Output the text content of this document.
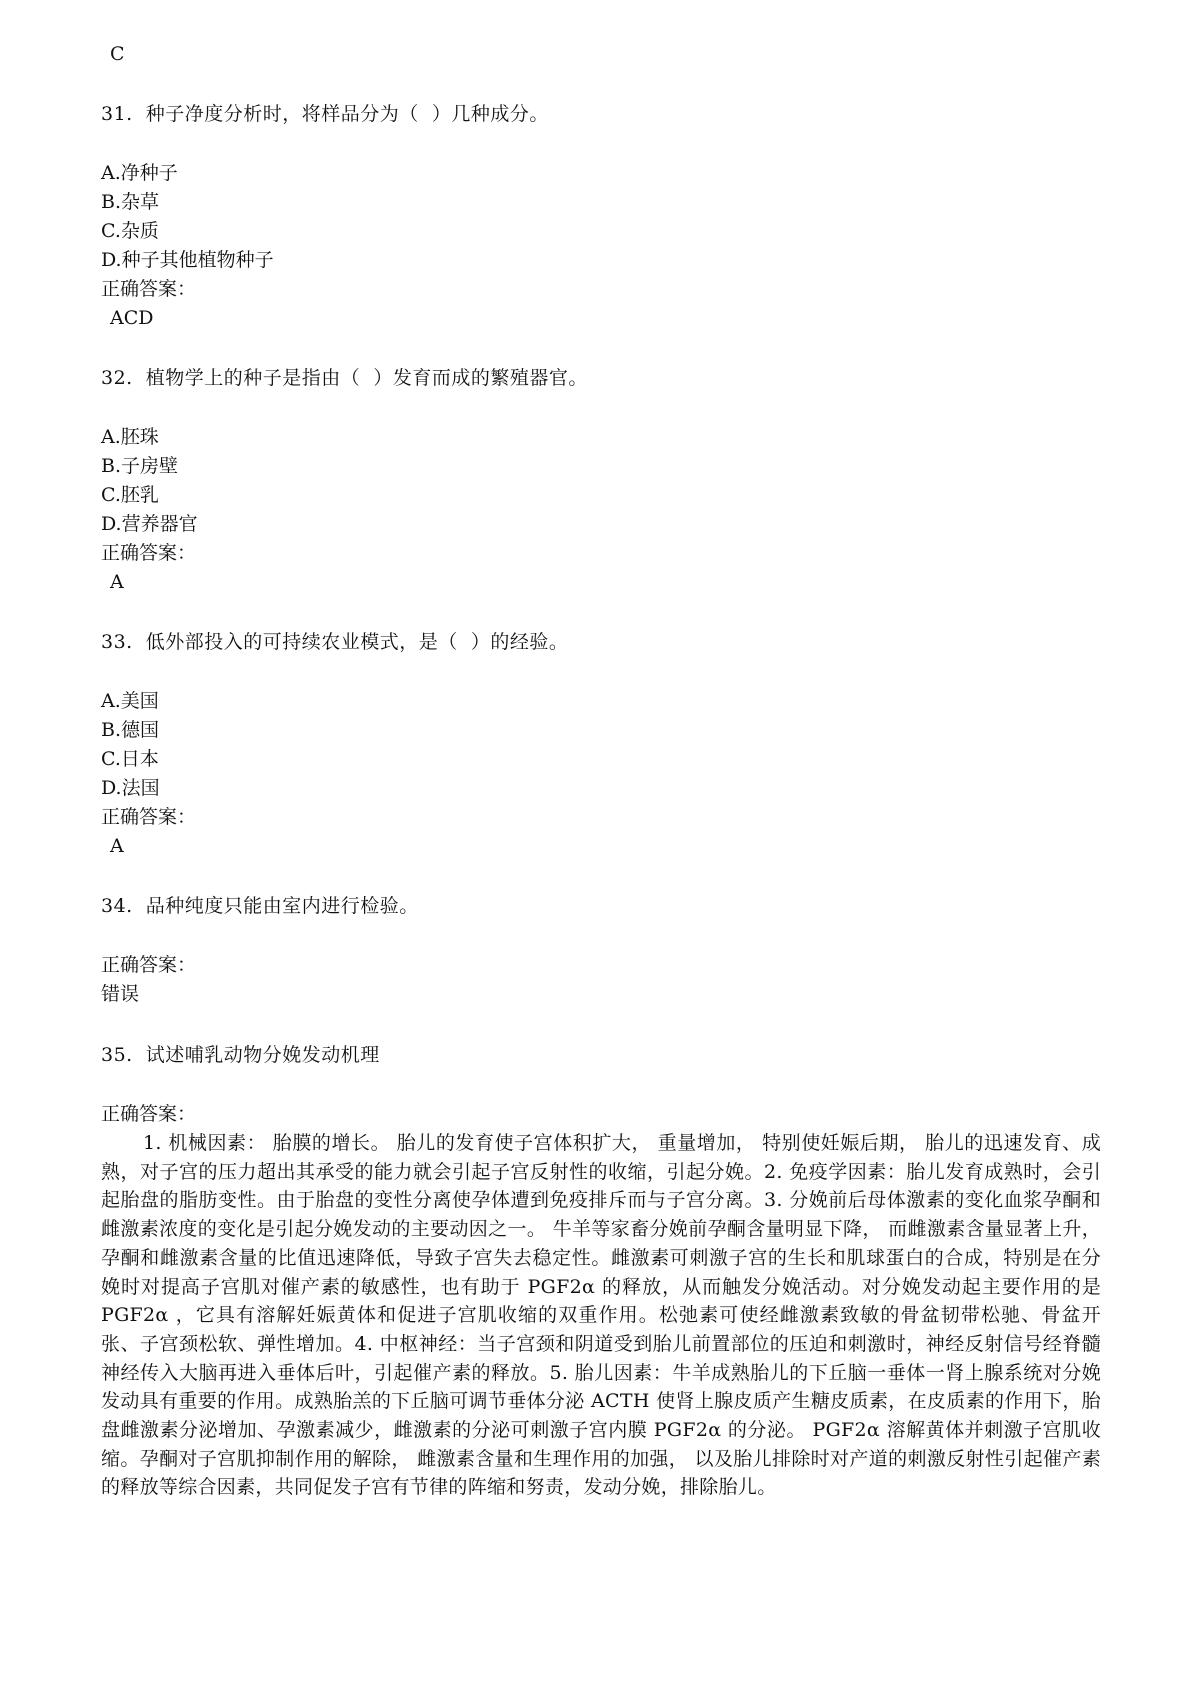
C
31.  种子净度分析时，将样品分为（  ）几种成分。
A.净种子
B.杂草
C.杂质
D.种子其他植物种子
正确答案：
ACD
32.  植物学上的种子是指由（  ）发育而成的繁殖器官。
A.胚珠
B.子房壁
C.胚乳
D.营养器官
正确答案：
A
33.  低外部投入的可持续农业模式，是（  ）的经验。
A.美国
B.德国
C.日本
D.法国
正确答案：
A
34.  品种纯度只能由室内进行检验。
正确答案：
错误
35.  试述哺乳动物分娩发动机理
正确答案：
1. 机械因素： 胎膜的增长。 胎儿的发育使子宫体积扩大， 重量增加， 特别使妊娠后期， 胎儿的迅速发育、成熟，对子宫的压力超出其承受的能力就会引起子宫反射性的收缩，引起分娩。2. 免疫学因素：胎儿发育成熟时，会引起胎盘的脂肪变性。由于胎盘的变性分离使孕体遭到免疫排斥而与子宫分离。3. 分娩前后母体激素的变化血浆孕酮和雌激素浓度的变化是引起分娩发动的主要动因之一。 牛羊等家畜分娩前孕酮含量明显下降， 而雌激素含量显著上升，孕酮和雌激素含量的比值迅速降低，导致子宫失去稳定性。雌激素可刺激子宫的生长和肌球蛋白的合成，特别是在分娩时对提高子宫肌对催产素的敏感性，也有助于 PGF2α 的释放，从而触发分娩活动。对分娩发动起主要作用的是 PGF2α ，它具有溶解妊娠黄体和促进子宫肌收缩的双重作用。松弛素可使经雌激素致敏的骨盆韧带松驰、骨盆开张、子宫颈松软、弹性增加。4. 中枢神经：当子宫颈和阴道受到胎儿前置部位的压迫和刺激时，神经反射信号经脊髓神经传入大脑再进入垂体后叶，引起催产素的释放。5. 胎儿因素：牛羊成熟胎儿的下丘脑一垂体一肾上腺系统对分娩发动具有重要的作用。成熟胎羔的下丘脑可调节垂体分泌 ACTH 使肾上腺皮质产生糖皮质素，在皮质素的作用下，胎盘雌激素分泌增加、孕激素减少，雌激素的分泌可刺激子宫内膜 PGF2α 的分泌。 PGF2α 溶解黄体并刺激子宫肌收缩。孕酮对子宫肌抑制作用的解除， 雌激素含量和生理作用的加强， 以及胎儿排除时对产道的刺激反射性引起催产素的释放等综合因素，共同促发子宫有节律的阵缩和努责，发动分娩，排除胎儿。
